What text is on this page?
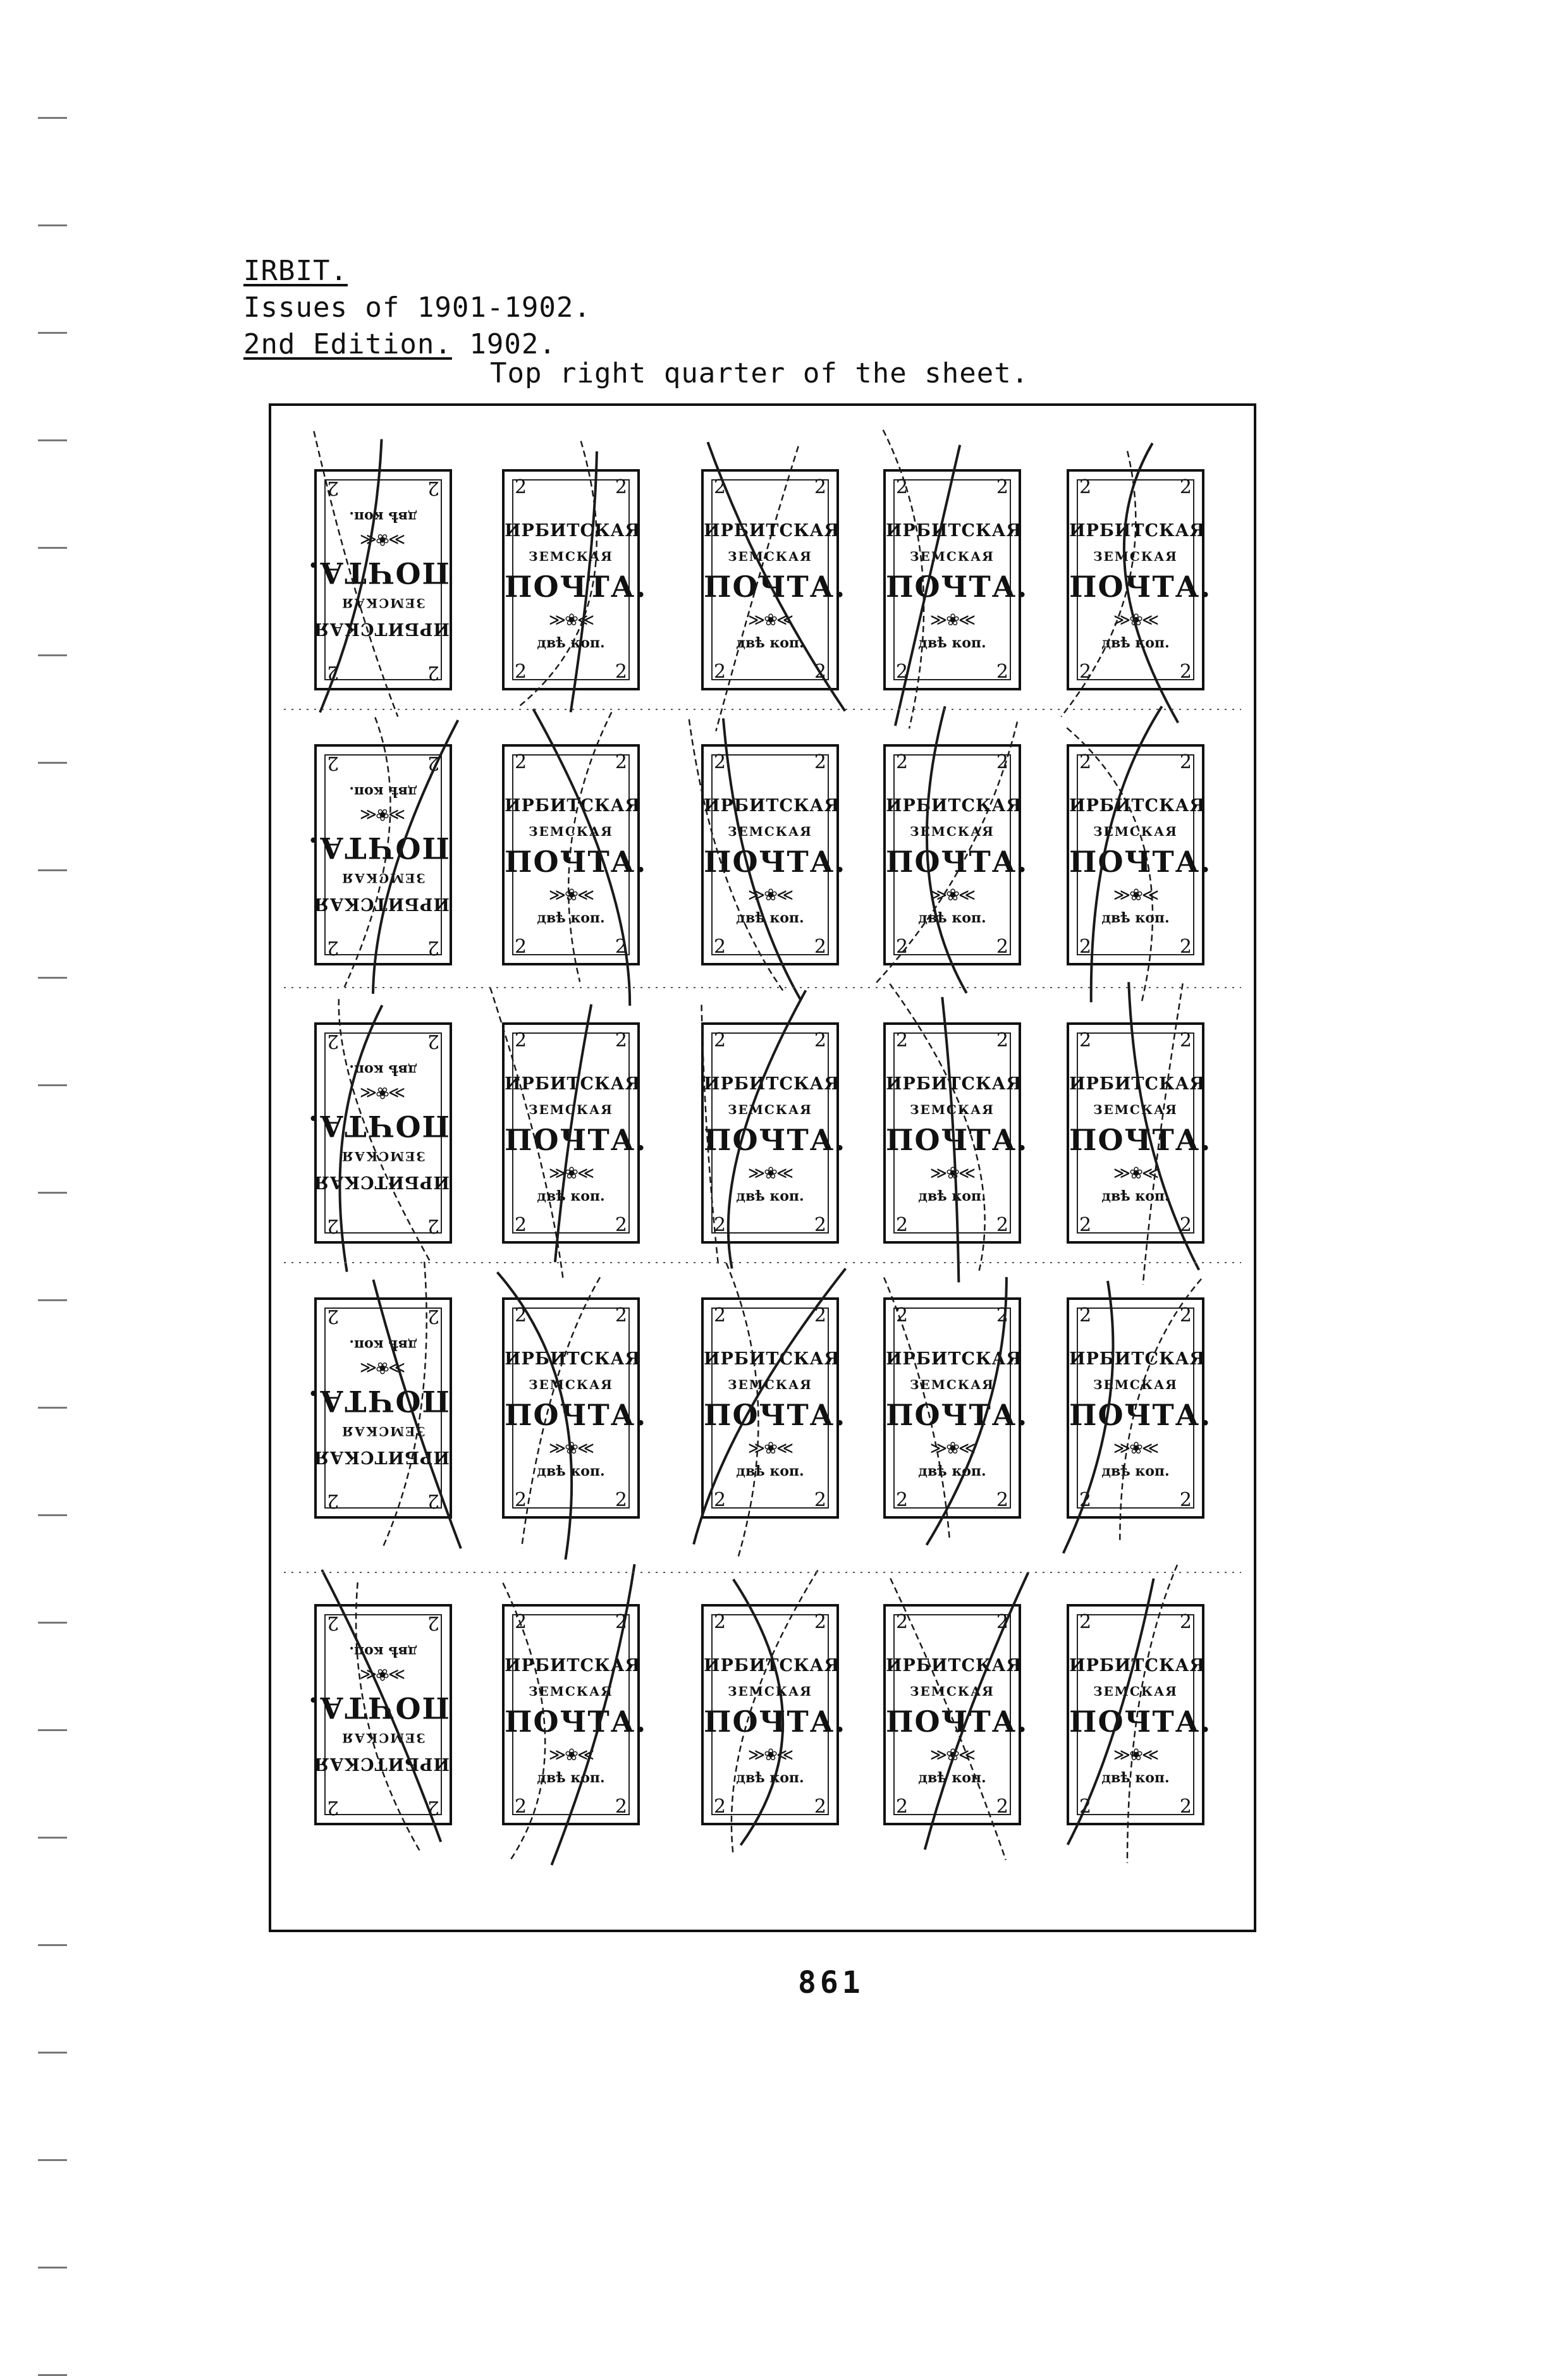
IRBIT.
Issues of 1901-1902.
2nd Edition. 1902.
Top right quarter of the sheet.
2
2
2
2
ИРБИТСКАЯ
ЗЕМСКАЯ
ПОЧТА.
≫❀≪
двѣ коп.
2	2
2	2
ИРБИТСКАЯ
ЗЕМСКАЯ
ПОЧТА.
≫❀≪
двѣ коп.
2	2
2	2
ИРБИТСКАЯ
ЗЕМСКАЯ
ПОЧТА.
≫❀≪
двѣ коп.
2	2
2	2
ИРБИТСКАЯ
ЗЕМСКАЯ
ПОЧТА.
≫❀≪
двѣ коп.
2	2
2	2
ИРБИТСКАЯ
ЗЕМСКАЯ
ПОЧТА.
≫❀≪
двѣ коп.
2
2
2
2
ИРБИТСКАЯ
ЗЕМСКАЯ
ПОЧТА.
≫❀≪
двѣ коп.
2	2
2	2
ИРБИТСКАЯ
ЗЕМСКАЯ
ПОЧТА.
≫❀≪
двѣ коп.
2	2
2	2
ИРБИТСКАЯ
ЗЕМСКАЯ
ПОЧТА.
≫❀≪
двѣ коп.
2	2
2	2
ИРБИТСКАЯ
ЗЕМСКАЯ
ПОЧТА.
≫❀≪
двѣ коп.
2	2
2	2
ИРБИТСКАЯ
ЗЕМСКАЯ
ПОЧТА.
≫❀≪
двѣ коп.
2
2
2
2
ИРБИТСКАЯ
ЗЕМСКАЯ
ПОЧТА.
≫❀≪
двѣ коп.
2	2
2	2
ИРБИТСКАЯ
ЗЕМСКАЯ
ПОЧТА.
≫❀≪
двѣ коп.
2	2
2	2
ИРБИТСКАЯ
ЗЕМСКАЯ
ПОЧТА.
≫❀≪
двѣ коп.
2	2
2	2
ИРБИТСКАЯ
ЗЕМСКАЯ
ПОЧТА.
≫❀≪
двѣ коп.
2	2
2	2
ИРБИТСКАЯ
ЗЕМСКАЯ
ПОЧТА.
≫❀≪
двѣ коп.
2
2
2
2
ИРБИТСКАЯ
ЗЕМСКАЯ
ПОЧТА.
≫❀≪
двѣ коп.
2	2
2	2
ИРБИТСКАЯ
ЗЕМСКАЯ
ПОЧТА.
≫❀≪
двѣ коп.
2	2
2	2
ИРБИТСКАЯ
ЗЕМСКАЯ
ПОЧТА.
≫❀≪
двѣ коп.
2	2
2	2
ИРБИТСКАЯ
ЗЕМСКАЯ
ПОЧТА.
≫❀≪
двѣ коп.
2	2
2	2
ИРБИТСКАЯ
ЗЕМСКАЯ
ПОЧТА.
≫❀≪
двѣ коп.
2
2
2
2
ИРБИТСКАЯ
ЗЕМСКАЯ
ПОЧТА.
≫❀≪
двѣ коп.
2	2
2	2
ИРБИТСКАЯ
ЗЕМСКАЯ
ПОЧТА.
≫❀≪
двѣ коп.
2	2
2	2
ИРБИТСКАЯ
ЗЕМСКАЯ
ПОЧТА.
≫❀≪
двѣ коп.
2	2
2	2
ИРБИТСКАЯ
ЗЕМСКАЯ
ПОЧТА.
≫❀≪
двѣ коп.
2	2
2	2
ИРБИТСКАЯ
ЗЕМСКАЯ
ПОЧТА.
≫❀≪
двѣ коп.
861
